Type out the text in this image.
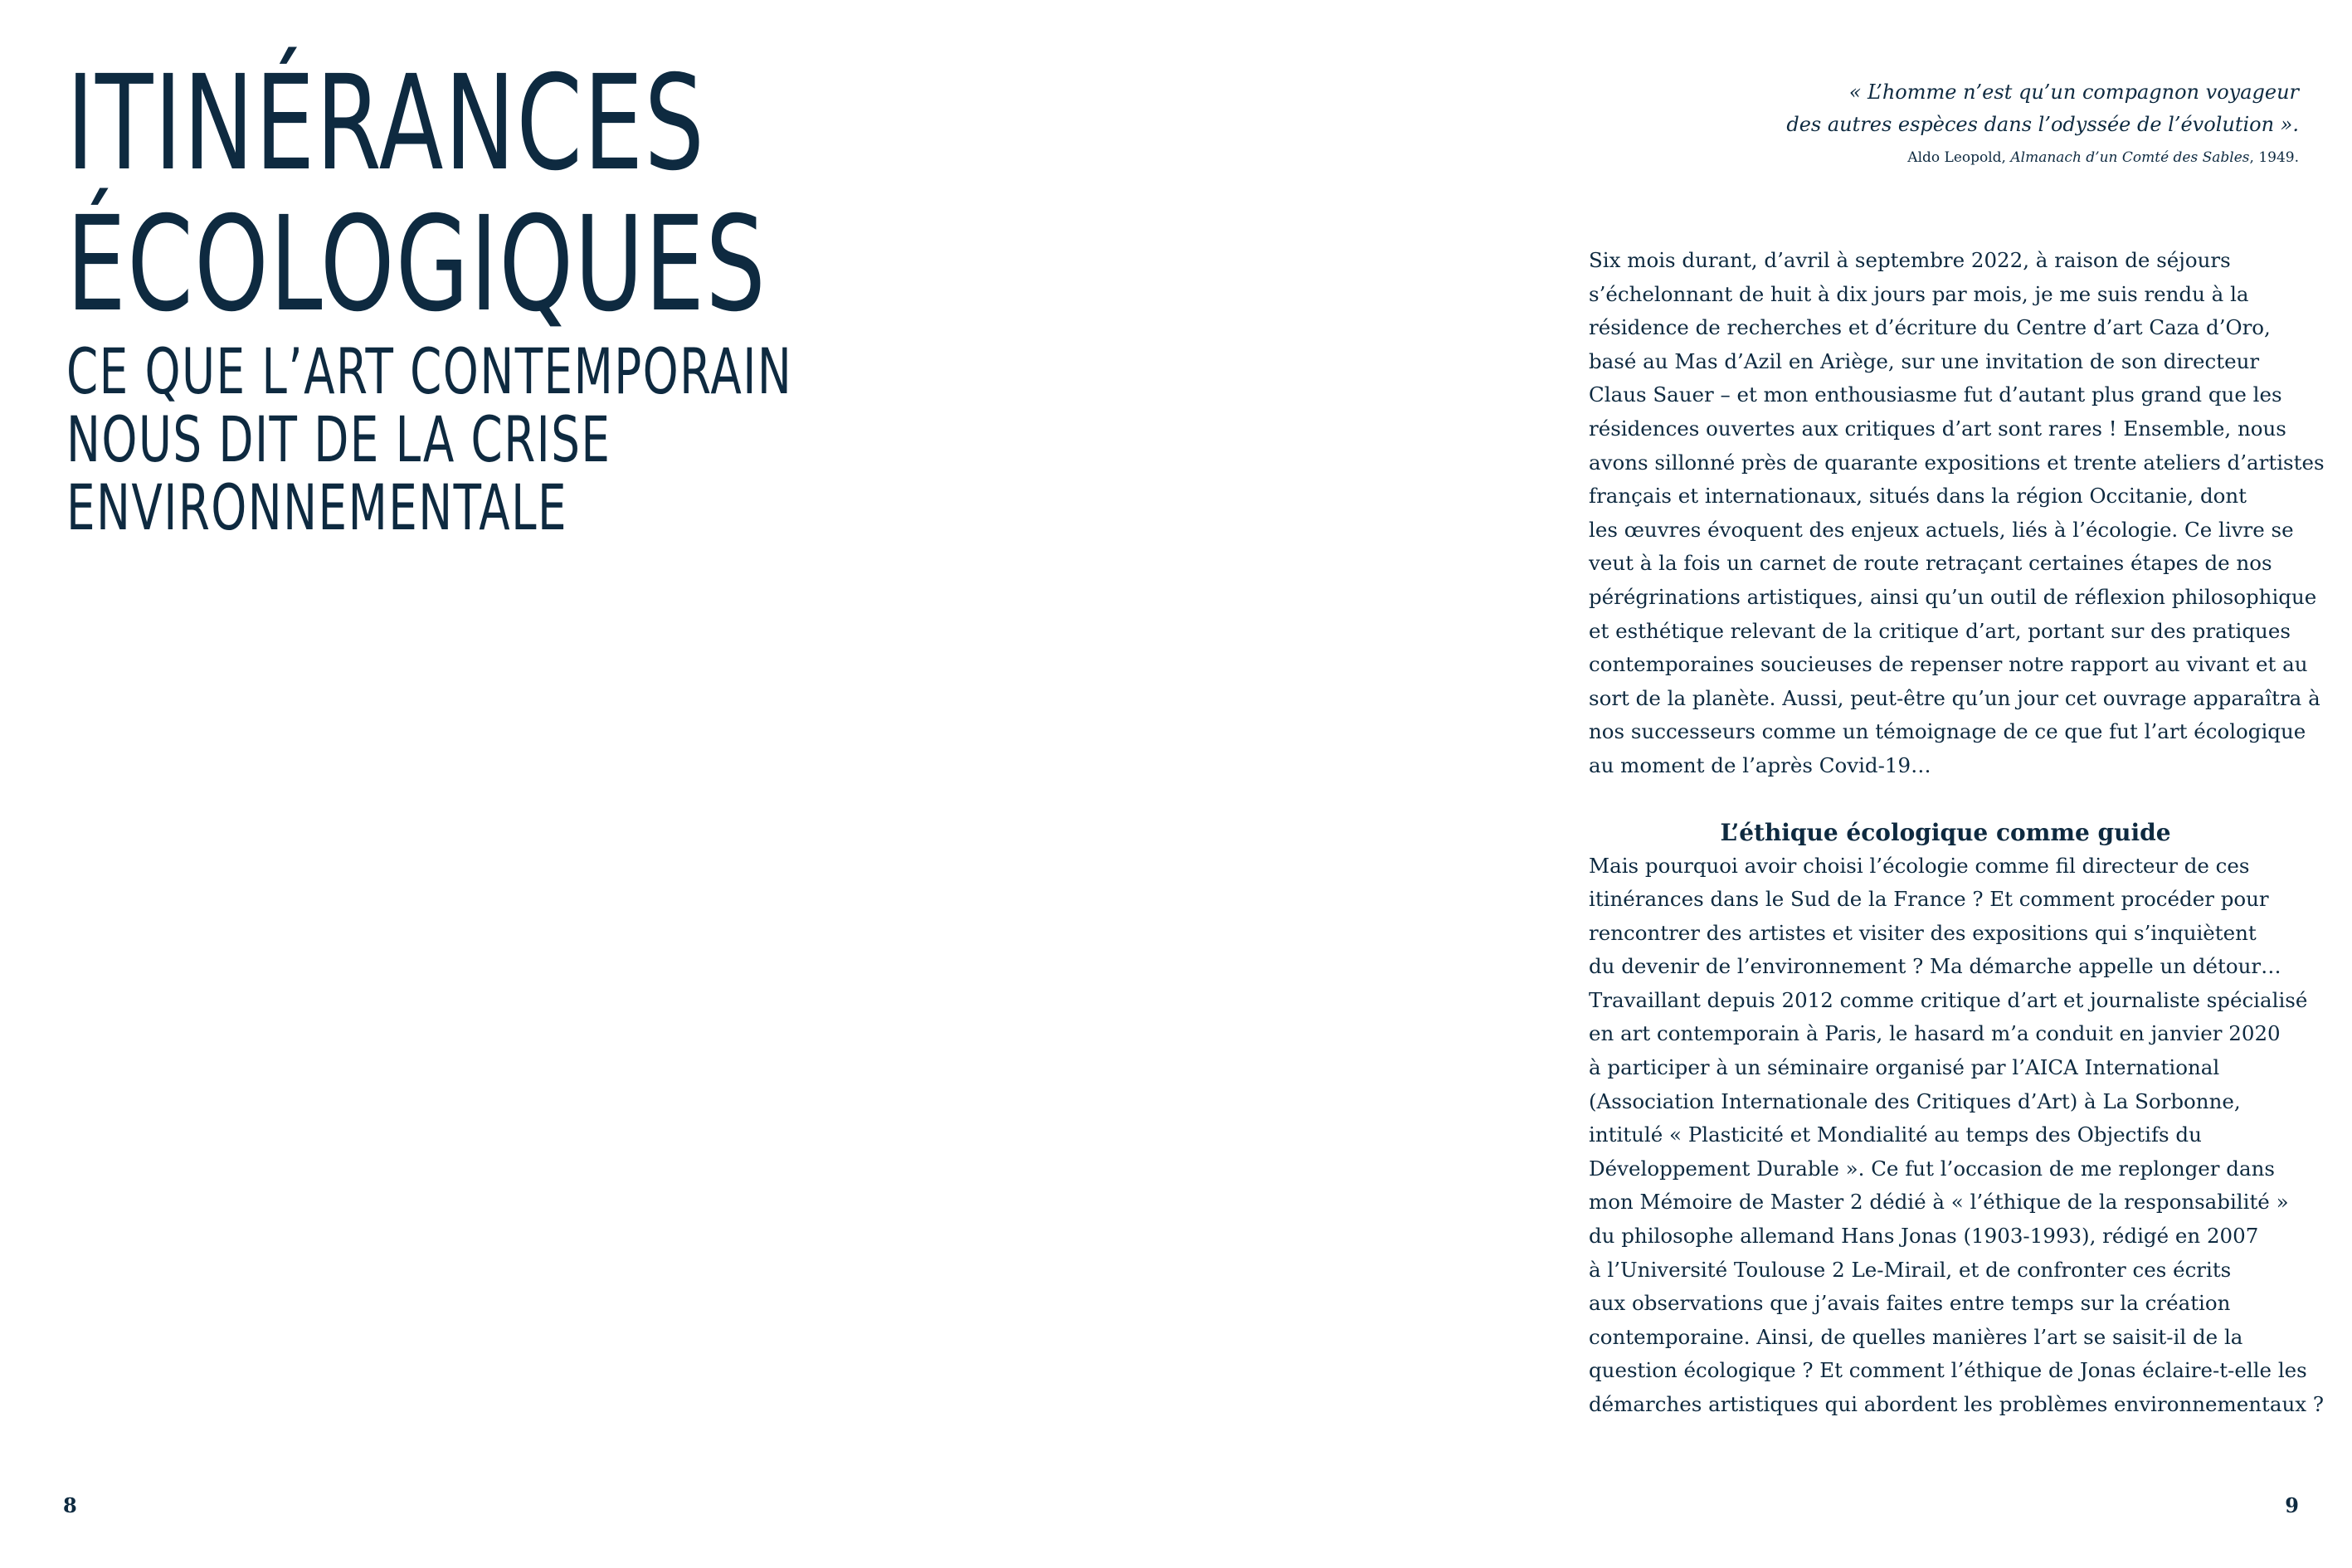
ITINÉRANCES
ÉCOLOGIQUES
CE QUE L’ART CONTEMPORAIN
NOUS DIT DE LA CRISE
ENVIRONNEMENTALE
8
« L’homme n’est qu’un compagnon voyageur
des autres espèces dans l’odyssée de l’évolution ».
Aldo Leopold, Almanach d’un Comté des Sables, 1949.
9

Six mois durant, d’avril à septembre 2022, à raison de séjours
s’échelonnant de huit à dix jours par mois, je me suis rendu à la
résidence de recherches et d’écriture du Centre d’art Caza d’Oro,
basé au Mas d’Azil en Ariège, sur une invitation de son directeur
Claus Sauer – et mon enthousiasme fut d’autant plus grand que les
résidences ouvertes aux critiques d’art sont rares ! Ensemble, nous
avons sillonné près de quarante expositions et trente ateliers d’artistes
français et internationaux, situés dans la région Occitanie, dont
les œuvres évoquent des enjeux actuels, liés à l’écologie. Ce livre se
veut à la fois un carnet de route retraçant certaines étapes de nos
pérégrinations artistiques, ainsi qu’un outil de réflexion philosophique
et esthétique relevant de la critique d’art, portant sur des pratiques
contemporaines soucieuses de repenser notre rapport au vivant et au
sort de la planète. Aussi, peut-être qu’un jour cet ouvrage apparaîtra à
nos successeurs comme un témoignage de ce que fut l’art écologique
au moment de l’après Covid-19…

L’éthique écologique comme guide

Mais pourquoi avoir choisi l’écologie comme fil directeur de ces
itinérances dans le Sud de la France ? Et comment procéder pour
rencontrer des artistes et visiter des expositions qui s’inquiètent
du devenir de l’environnement ? Ma démarche appelle un détour…
Travaillant depuis 2012 comme critique d’art et journaliste spécialisé
en art contemporain à Paris, le hasard m’a conduit en janvier 2020
à participer à un séminaire organisé par l’AICA International
(Association Internationale des Critiques d’Art) à La Sorbonne,
intitulé « Plasticité et Mondialité au temps des Objectifs du
Développement Durable ». Ce fut l’occasion de me replonger dans
mon Mémoire de Master 2 dédié à « l’éthique de la responsabilité »
du philosophe allemand Hans Jonas (1903-1993), rédigé en 2007
à l’Université Toulouse 2 Le-Mirail, et de confronter ces écrits
aux observations que j’avais faites entre temps sur la création
contemporaine. Ainsi, de quelles manières l’art se saisit-il de la
question écologique ? Et comment l’éthique de Jonas éclaire-t-elle les
démarches artistiques qui abordent les problèmes environnementaux ?
